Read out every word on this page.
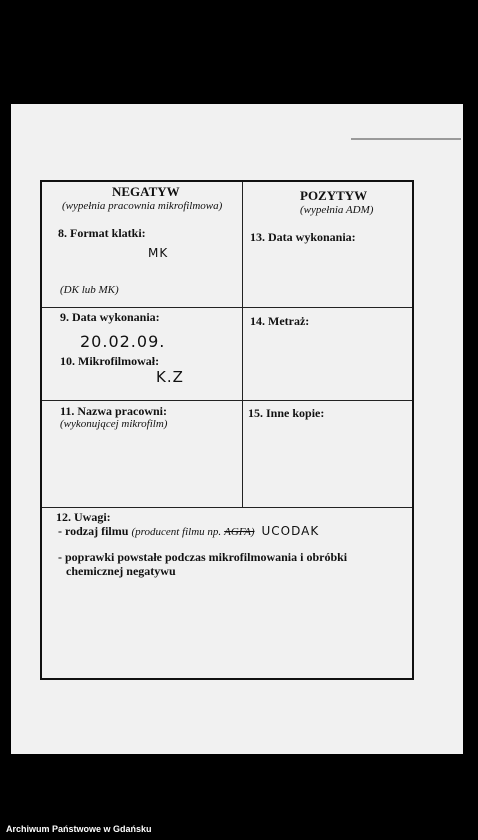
NEGATYW
(wypełnia pracownia mikrofilmowa)
POZYTYW
(wypełnia ADM)
8. Format klatki:
MK
(DK lub MK)
13. Data wykonania:
9. Data wykonania:
20.02.09.
10. Mikrofilmował:
K.Z
14. Metraż:
11. Nazwa pracowni:
(wykonującej mikrofilm)
15. Inne kopie:
12. Uwagi:
- rodzaj filmu (producent filmu np. AGFA) UCODAK
- poprawki powstałe podczas mikrofilmowania i obróbki
chemicznej negatywu
Archiwum Państwowe w Gdańsku
